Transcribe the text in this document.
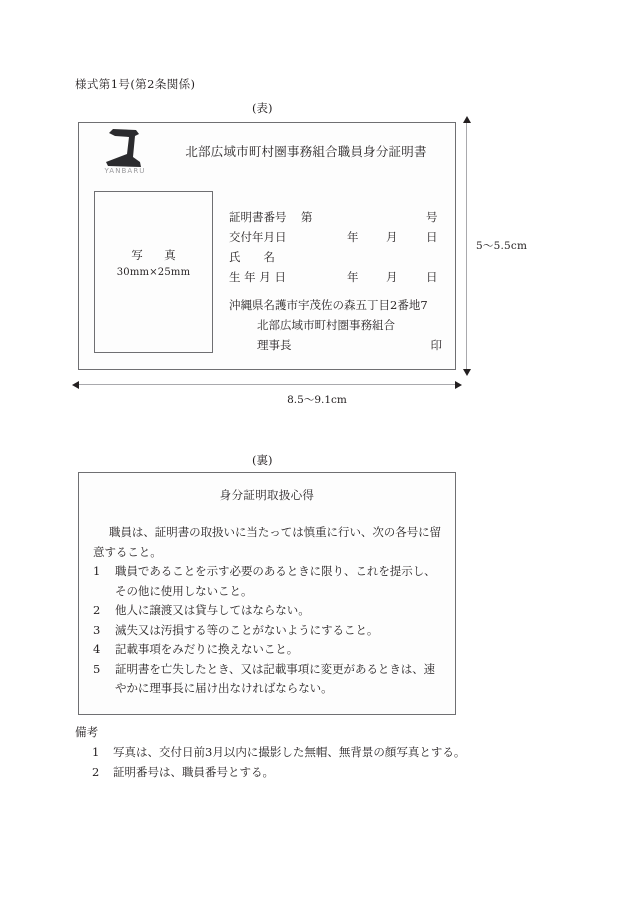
様式第1号(第2条関係)
(表)
YANBARU
北部広域市町村圏事務組合職員身分証明書
写　真
30mm×25mm
証明書番号 第	号
交付年月日	年 月 日
氏　　名
生 年 月 日	年 月 日
沖縄県名護市宇茂佐の森五丁目2番地7
北部広域市町村圏事務組合
理事長	印
5〜5.5cm
8.5〜9.1cm
(裏)
身分証明取扱心得
職員は、証明書の取扱いに当たっては慎重に行い、次の各号に留意すること。
1 職員であることを示す必要のあるときに限り、これを提示し、その他に使用しないこと。
2 他人に譲渡又は貸与してはならない。
3 滅失又は汚損する等のことがないようにすること。
4 記載事項をみだりに換えないこと。
5 証明書を亡失したとき、又は記載事項に変更があるときは、速やかに理事長に届け出なければならない。
備考
1 写真は、交付日前3月以内に撮影した無帽、無背景の顔写真とする。
2 証明番号は、職員番号とする。
